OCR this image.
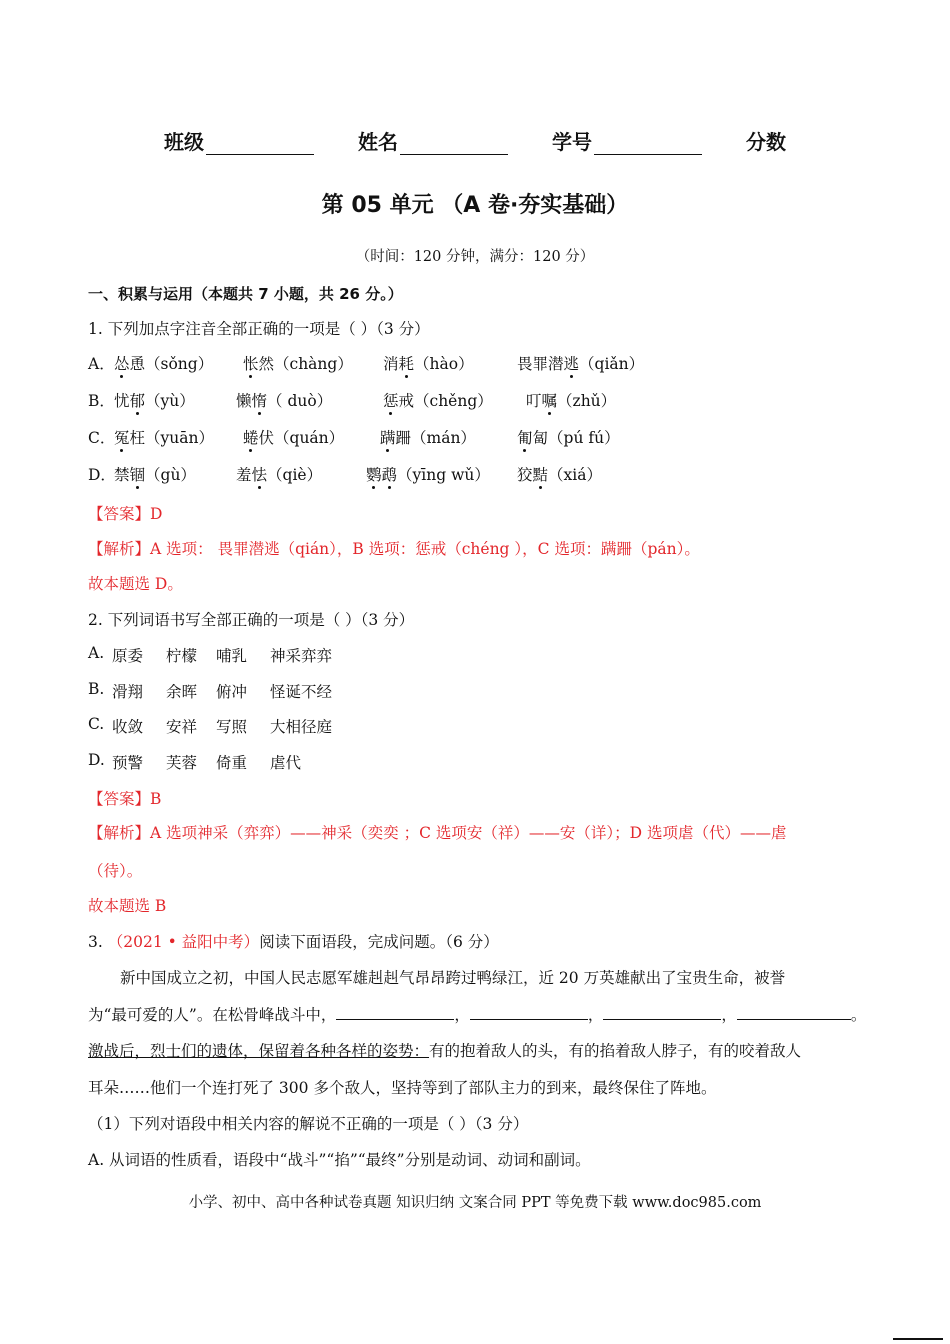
班级	姓名	学号	分数
第 05 单元 （A 卷·夯实基础）
（时间：120 分钟，满分：120 分）
一、积累与运用（本题共 7 小题，共 26 分。）
1. 下列加点字注音全部正确的一项是（ ）（3 分）
A． 怂恿（sǒng） 怅然（chàng） 消耗（hào）	畏罪潜逃（qiǎn）
B． 忧郁（yù）	懒惰（ duò）	惩戒（chěng） 叮嘱（zhǔ）
C．
冤枉（yuān） 蜷伏（quán） 蹒跚（mán）	匍匐（pú fú）
D．
禁锢（gù）	羞怯（qiè）	鹦鹉（yīng wǔ） 狡黠（xiá）
【答案】D
【解析】A 选项： 畏罪潜逃（qián），B 选项：惩戒（chéng ），C 选项：蹒跚（pán）。
故本题选 D。
2. 下列词语书写全部正确的一项是（ ）（3 分）
A. 原委 柠檬 哺乳 神采弈弈
B. 滑翔 余晖 俯冲 怪诞不经
C. 收敛 安祥 写照 大相径庭
D. 预警 芙蓉 倚重 虐代
【答案】B
【解析】A 选项神采（弈弈）——神采（奕奕 ；C 选项安（祥）——安（详）；D 选项虐（代）——虐
（待）。
故本题选 B
3. （2021 • 益阳中考）阅读下面语段，完成问题。（6 分）
新中国成立之初，中国人民志愿军雄赳赳气昂昂跨过鸭绿江，近 20 万英雄献出了宝贵生命，被誉
为“最可爱的人”。在松骨峰战斗中，	，	，	，	。
激战后，烈士们的遗体，保留着各种各样的姿势：有的抱着敌人的头，有的掐着敌人脖子，有的咬着敌人
耳朵……他们一个连打死了 300 多个敌人，坚持等到了部队主力的到来，最终保住了阵地。
（1）下列对语段中相关内容的解说不正确的一项是（ ）（3 分）
A. 从词语的性质看，语段中“战斗”“掐”“最终”分别是动词、动词和副词。
小学、初中、高中各种试卷真题 知识归纳 文案合同 PPT 等免费下载 www.doc985.com
